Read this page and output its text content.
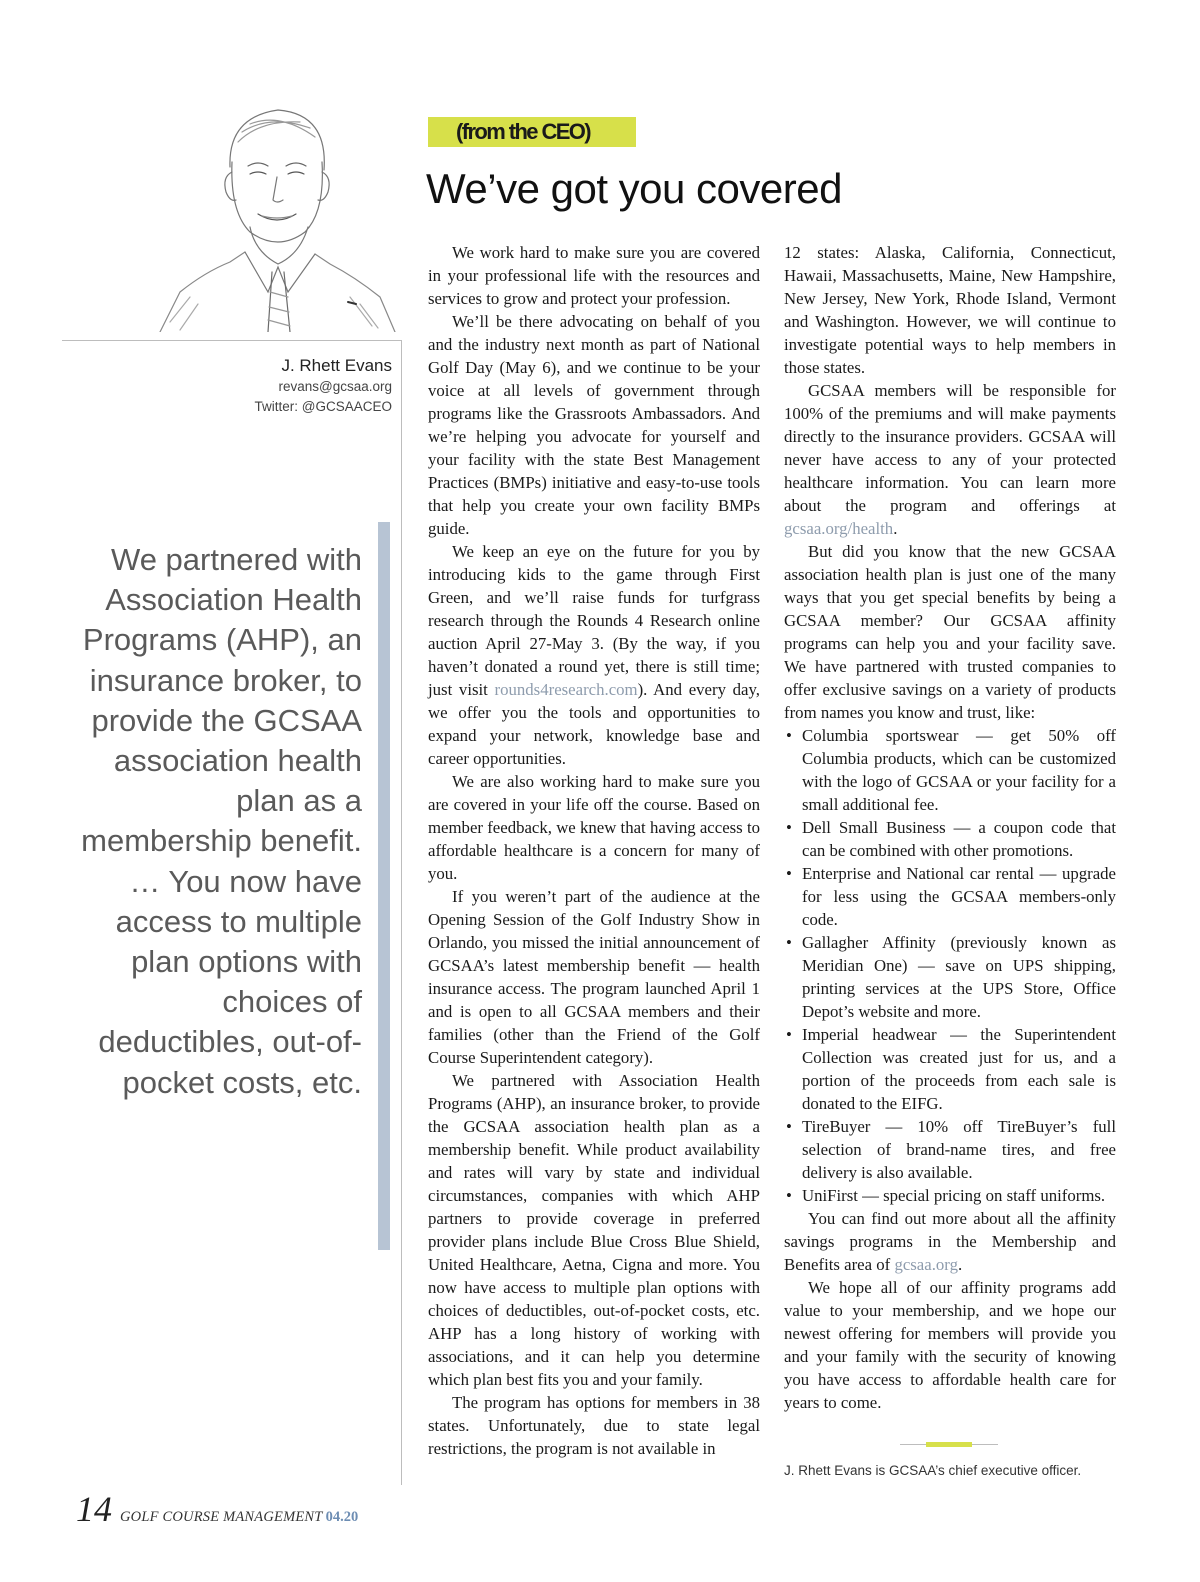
J. Rhett Evans
revans@gcsaa.org
Twitter: @GCSAACEO
We partnered with Association Health Programs (AHP), an insurance broker, to provide the GCSAA association health plan as a membership benefit. … You now have access to multiple plan options with choices of deductibles, out-of-pocket costs, etc.
(from the CEO)
We’ve got you covered

We work hard to make sure you are covered in your professional life with the resources and services to grow and protect your profession.

We’ll be there advocating on behalf of you and the industry next month as part of National Golf Day (May 6), and we continue to be your voice at all levels of government through programs like the Grassroots Ambassadors. And we’re helping you advocate for yourself and your facility with the state Best Management Practices (BMPs) initiative and easy-to-use tools that help you create your own facility BMPs guide.

We keep an eye on the future for you by introducing kids to the game through First Green, and we’ll raise funds for turfgrass research through the Rounds 4 Research online auction April 27-May 3. (By the way, if you haven’t donated a round yet, there is still time; just visit rounds4research.com). And every day, we offer you the tools and opportunities to expand your network, knowledge base and career opportunities.

We are also working hard to make sure you are covered in your life off the course. Based on member feedback, we knew that having access to affordable healthcare is a concern for many of you.

If you weren’t part of the audience at the Opening Session of the Golf Industry Show in Orlando, you missed the initial announcement of GCSAA’s latest membership benefit — health insurance access. The program launched April 1 and is open to all GCSAA members and their families (other than the Friend of the Golf Course Superintendent category).

We partnered with Association Health Programs (AHP), an insurance broker, to provide the GCSAA association health plan as a membership benefit. While product availability and rates will vary by state and individual circumstances, companies with which AHP partners to provide coverage in preferred provider plans include Blue Cross Blue Shield, United Healthcare, Aetna, Cigna and more. You now have access to multiple plan options with choices of deductibles, out-of-pocket costs, etc. AHP has a long history of working with associations, and it can help you determine which plan best fits you and your family.

The program has options for members in 38 states. Unfortunately, due to state legal restrictions, the program is not available in

12 states: Alaska, California, Connecticut, Hawaii, Massachusetts, Maine, New Hampshire, New Jersey, New York, Rhode Island, Vermont and Washington. However, we will continue to investigate potential ways to help members in those states.

GCSAA members will be responsible for 100% of the premiums and will make payments directly to the insurance providers. GCSAA will never have access to any of your protected healthcare information. You can learn more about the program and offerings at gcsaa.org/health.

But did you know that the new GCSAA association health plan is just one of the many ways that you get special benefits by being a GCSAA member? Our GCSAA affinity programs can help you and your facility save. We have partnered with trusted companies to offer exclusive savings on a variety of products from names you know and trust, like:

• Columbia sportswear — get 50% off Columbia products, which can be customized with the logo of GCSAA or your facility for a small additional fee.
• Dell Small Business — a coupon code that can be combined with other promotions.
• Enterprise and National car rental — upgrade for less using the GCSAA members-only code.
• Gallagher Affinity (previously known as Meridian One) — save on UPS shipping, printing services at the UPS Store, Office Depot’s website and more.
• Imperial headwear — the Superintendent Collection was created just for us, and a portion of the proceeds from each sale is donated to the EIFG.
• TireBuyer — 10% off TireBuyer’s full selection of brand-name tires, and free delivery is also available.
• UniFirst — special pricing on staff uniforms.

You can find out more about all the affinity savings programs in the Membership and Benefits area of gcsaa.org.

We hope all of our affinity programs add value to your membership, and we hope our newest offering for members will provide you and your family with the security of knowing you have access to affordable health care for years to come.

J. Rhett Evans is GCSAA’s chief executive officer.
14 GOLF COURSE MANAGEMENT 04.20
